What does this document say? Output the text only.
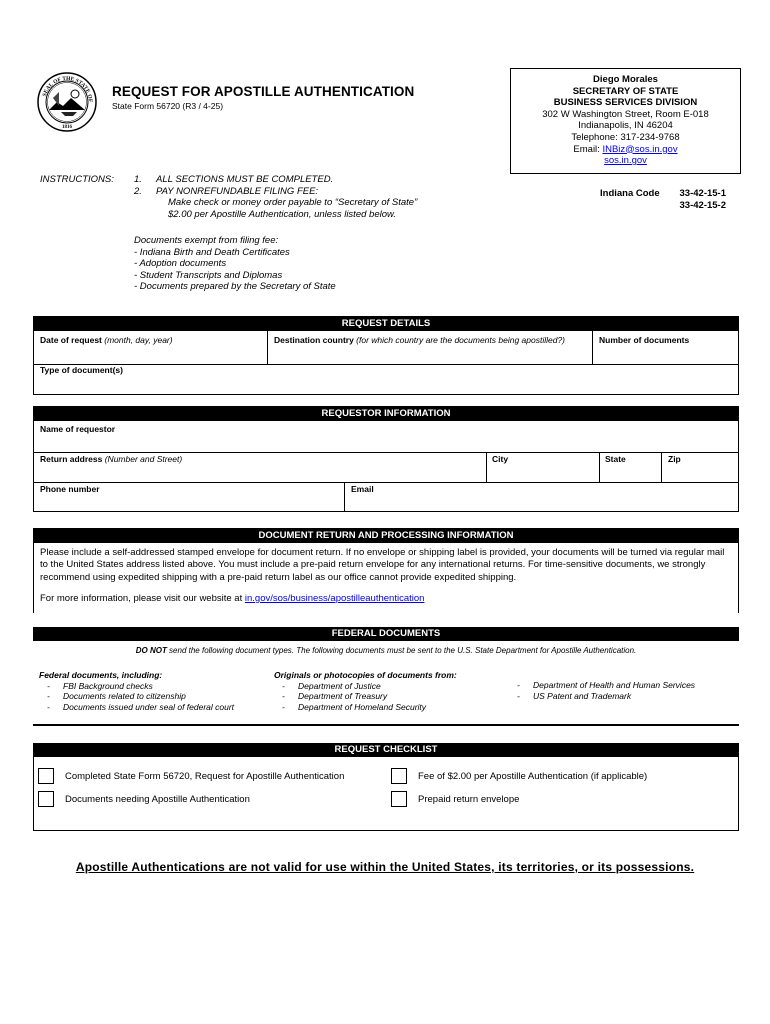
SEAL OF THE STATE OF
1816
REQUEST FOR APOSTILLE AUTHENTICATION
State Form 56720 (R3 / 4-25)
Diego Morales
SECRETARY OF STATE
BUSINESS SERVICES DIVISION
302 W Washington Street, Room E-018
Indianapolis, IN 46204
Telephone: 317-234-9768
Email: INBiz@sos.in.gov
sos.in.gov
INSTRUCTIONS: 1.	ALL SECTIONS MUST BE COMPLETED.
2.	PAY NONREFUNDABLE FILING FEE:
Make check or money order payable to “Secretary of State”
$2.00 per Apostille Authentication, unless listed below.
Documents exempt from filing fee:
- Indiana Birth and Death Certificates
- Adoption documents
- Student Transcripts and Diplomas
- Documents prepared by the Secretary of State
Indiana Code	33-42-15-1
33-42-15-2
REQUEST DETAILS
Date of request (month, day, year)	Destination country (for which country are the documents being apostilled?)	Number of documents
Type of document(s)
REQUESTOR INFORMATION
Name of requestor
Return address (Number and Street)	City	State	Zip
Phone number	Email
DOCUMENT RETURN AND PROCESSING INFORMATION
Please include a self-addressed stamped envelope for document return. If no envelope or shipping label is provided, your documents will be turned via regular mail to the United States address listed above. You must include a pre-paid return envelope for any international returns. For time-sensitive documents, we strongly recommend using expedited shipping with a pre-paid return label as our office cannot provide expedited shipping.
For more information, please visit our website at in.gov/sos/business/apostilleauthentication
FEDERAL DOCUMENTS
DO NOT send the following document types. The following documents must be sent to the U.S. State Department for Apostille Authentication.
Federal documents, including:
-	FBI Background checks
-	Documents related to citizenship
-	Documents issued under seal of federal court
Originals or photocopies of documents from:
-	Department of Justice
-	Department of Treasury
-	Department of Homeland Security
-	Department of Health and Human Services
-	US Patent and Trademark
REQUEST CHECKLIST
Completed State Form 56720, Request for Apostille Authentication	Fee of $2.00 per Apostille Authentication (if applicable)
Documents needing Apostille Authentication	Prepaid return envelope
Apostille Authentications are not valid for use within the United States, its territories, or its possessions.
